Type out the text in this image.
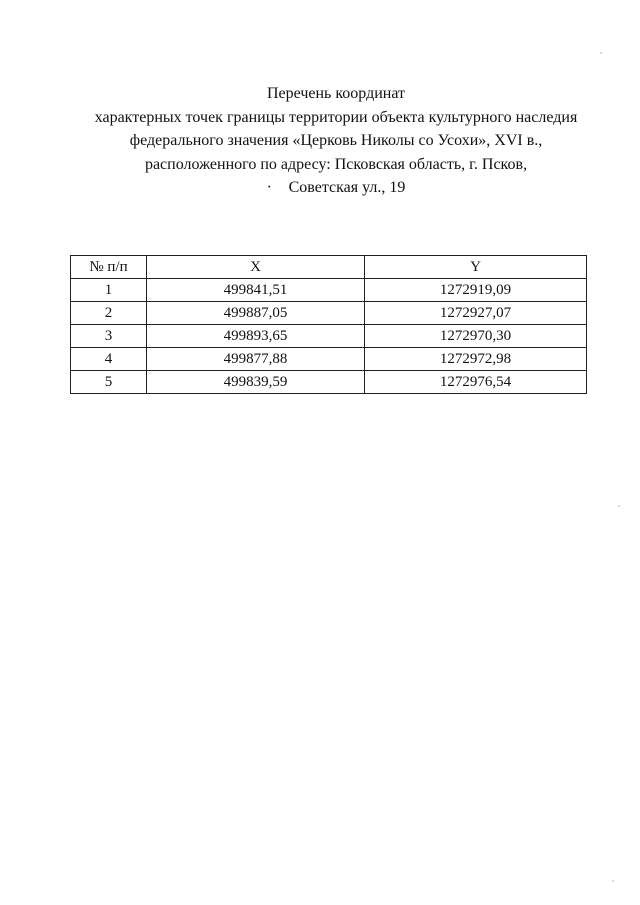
Перечень координат
характерных точек границы территории объекта культурного наследия
федерального значения «Церковь Николы со Усохи», XVI в.,
расположенного по адресу: Псковская область, г. Псков,
· Советская ул., 19
№ п/п	X	Y
1	499841,51	1272919,09
2	499887,05	1272927,07
3	499893,65	1272970,30
4	499877,88	1272972,98
5	499839,59	1272976,54
